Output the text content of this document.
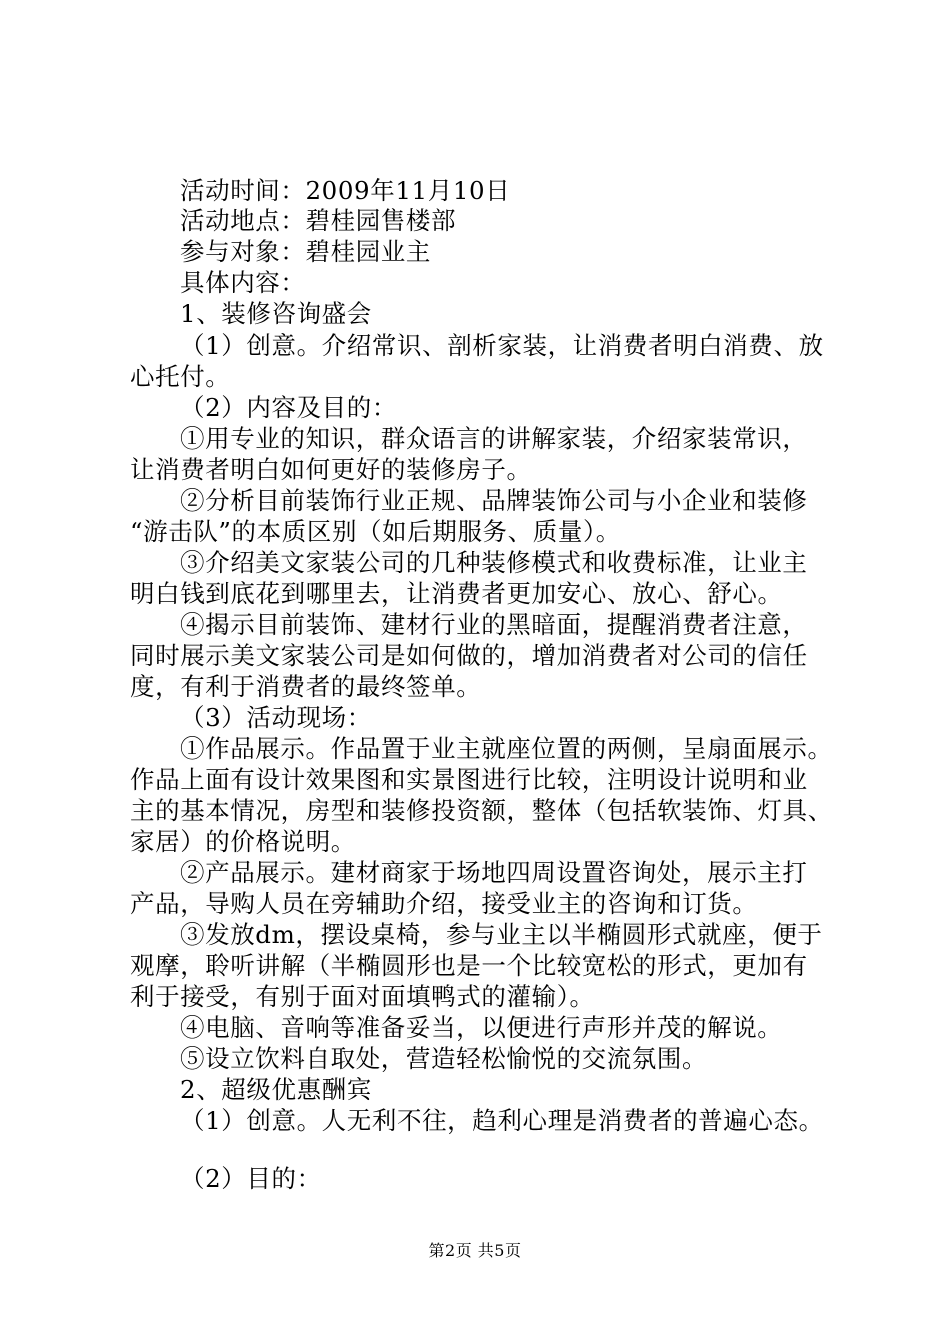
活动时间：2009年11月10日
活动地点：碧桂园售楼部
参与对象：碧桂园业主
具体内容：
1、装修咨询盛会
（1）创意。介绍常识、剖析家装，让消费者明白消费、放
心托付。
（2）内容及目的：
①用专业的知识，群众语言的讲解家装，介绍家装常识，
让消费者明白如何更好的装修房子。
②分析目前装饰行业正规、品牌装饰公司与小企业和装修
“游击队”的本质区别（如后期服务、质量）。
③介绍美文家装公司的几种装修模式和收费标准，让业主
明白钱到底花到哪里去，让消费者更加安心、放心、舒心。
④揭示目前装饰、建材行业的黑暗面，提醒消费者注意，
同时展示美文家装公司是如何做的，增加消费者对公司的信任
度，有利于消费者的最终签单。
（3）活动现场：
①作品展示。作品置于业主就座位置的两侧，呈扇面展示。
作品上面有设计效果图和实景图进行比较，注明设计说明和业
主的基本情况，房型和装修投资额，整体（包括软装饰、灯具、
家居）的价格说明。
②产品展示。建材商家于场地四周设置咨询处，展示主打
产品，导购人员在旁辅助介绍，接受业主的咨询和订货。
③发放dm，摆设桌椅，参与业主以半椭圆形式就座，便于
观摩，聆听讲解（半椭圆形也是一个比较宽松的形式，更加有
利于接受，有别于面对面填鸭式的灌输）。
④电脑、音响等准备妥当，以便进行声形并茂的解说。
⑤设立饮料自取处，营造轻松愉悦的交流氛围。
2、超级优惠酬宾
（1）创意。人无利不往，趋利心理是消费者的普遍心态。
（2）目的：
第2页 共5页
